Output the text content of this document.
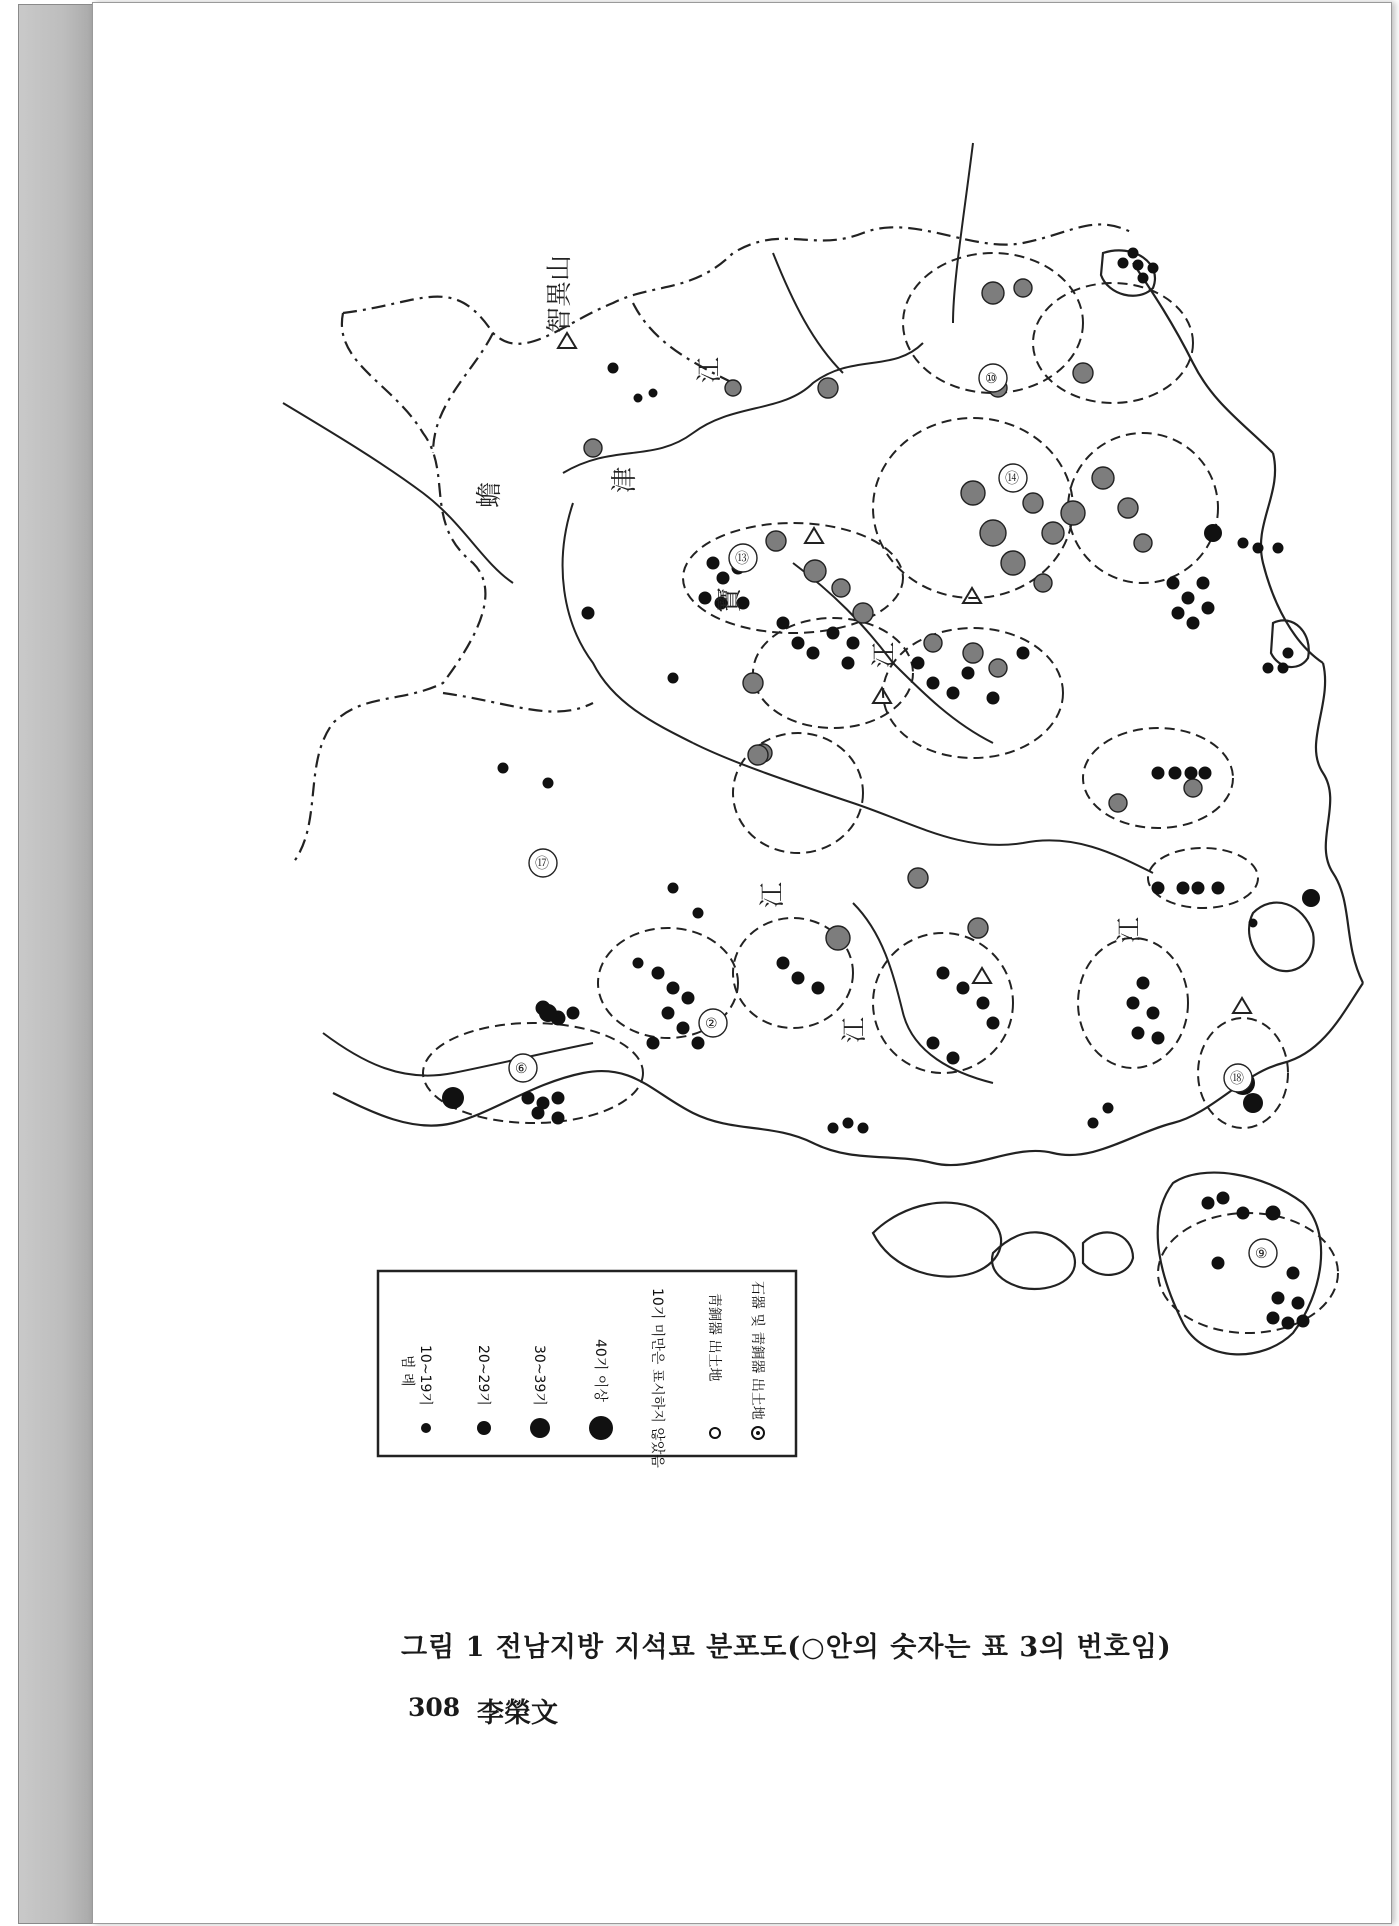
⑰
⑥
②
⑬
⑭
⑩
⑱
⑨
智異山
江
津
蟾
寶
江
江
江
江
범 례 10~19기	20~29기	30~39기	40기 이상	10기 미만은 표시하지 않았음	靑銅器 出土地 石器 및 靑銅器 出土地
그림 1 전남지방 지석묘 분포도(○안의 숫자는 표 3의 번호임)
308 李榮文
